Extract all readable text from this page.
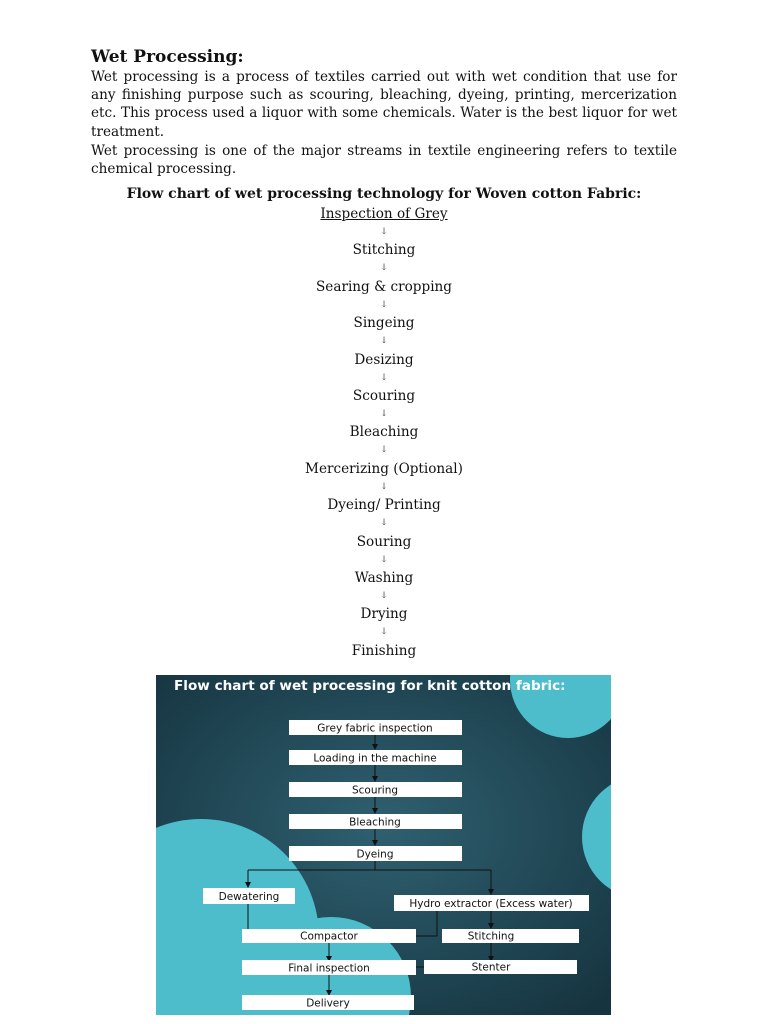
Wet Processing:

Wet processing is a process of textiles carried out with wet condition that use for any finishing purpose such as scouring, bleaching, dyeing, printing, mercerization etc. This process used a liquor with some chemicals. Water is the best liquor for wet treatment.

Wet processing is one of the major streams in textile engineering refers to textile chemical processing.

Flow chart of wet processing technology for Woven cotton Fabric:
Inspection of Grey
↓
Stitching
↓
Searing & cropping
↓
Singeing
↓
Desizing
↓
Scouring
↓
Bleaching
↓
Mercerizing (Optional)
↓
Dyeing/ Printing
↓
Souring
↓
Washing
↓
Drying
↓
Finishing
Flow chart of wet processing for knit cotton fabric:
Grey fabric inspection
Loading in the machine
Scouring
Bleaching
Dyeing
Dewatering
Hydro extractor (Excess water)
Compactor	Stitching
Final inspection	Stenter
Delivery
